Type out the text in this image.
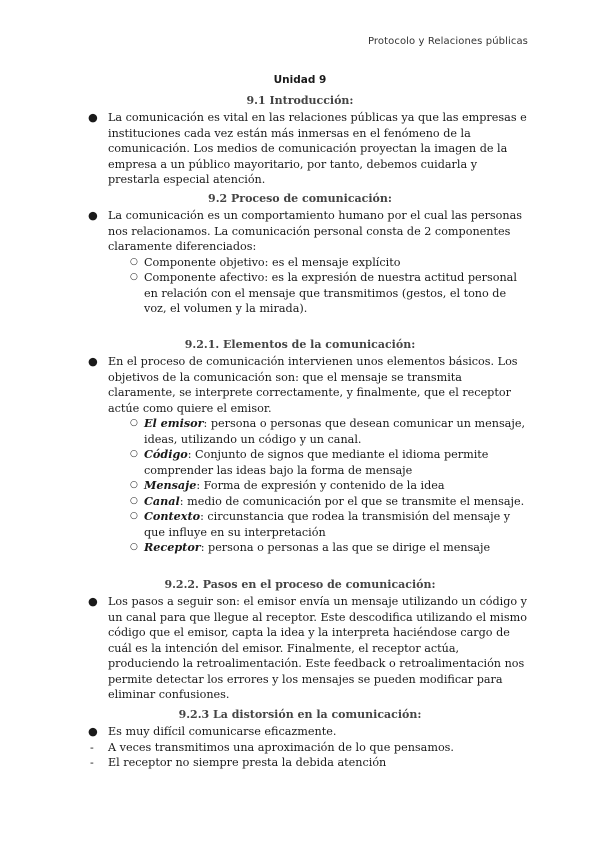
Protocolo y Relaciones públicas
Unidad 9
9.1 Introducción:
● La comunicación es vital en las relaciones públicas ya que las empresas e instituciones cada vez están más inmersas en el fenómeno de la comunicación. Los medios de comunicación proyectan la imagen de la empresa a un público mayoritario, por tanto, debemos cuidarla y prestarla especial atención.
9.2 Proceso de comunicación:
● La comunicación es un comportamiento humano por el cual las personas nos relacionamos. La comunicación personal consta de 2 componentes claramente diferenciados:
○ Componente objetivo: es el mensaje explícito
○ Componente afectivo: es la expresión de nuestra actitud personal en relación con el mensaje que transmitimos (gestos, el tono de voz, el volumen y la mirada).
9.2.1. Elementos de la comunicación:
● En el proceso de comunicación intervienen unos elementos básicos. Los objetivos de la comunicación son: que el mensaje se transmita claramente, se interprete correctamente, y finalmente, que el receptor actúe como quiere el emisor.
○ El emisor: persona o personas que desean comunicar un mensaje, ideas, utilizando un código y un canal.
○ Código: Conjunto de signos que mediante el idioma permite comprender las ideas bajo la forma de mensaje
○ Mensaje: Forma de expresión y contenido de la idea
○ Canal: medio de comunicación por el que se transmite el mensaje.
○ Contexto: circunstancia que rodea la transmisión del mensaje y que influye en su interpretación
○ Receptor: persona o personas a las que se dirige el mensaje
9.2.2. Pasos en el proceso de comunicación:
● Los pasos a seguir son: el emisor envía un mensaje utilizando un código y un canal para que llegue al receptor. Este descodifica utilizando el mismo código que el emisor, capta la idea y la interpreta haciéndose cargo de cuál es la intención del emisor. Finalmente, el receptor actúa, produciendo la retroalimentación. Este feedback o retroalimentación nos permite detectar los errores y los mensajes se pueden modificar para eliminar confusiones.
9.2.3 La distorsión en la comunicación:
● Es muy difícil comunicarse eficazmente.
- A veces transmitimos una aproximación de lo que pensamos.
- El receptor no siempre presta la debida atención
